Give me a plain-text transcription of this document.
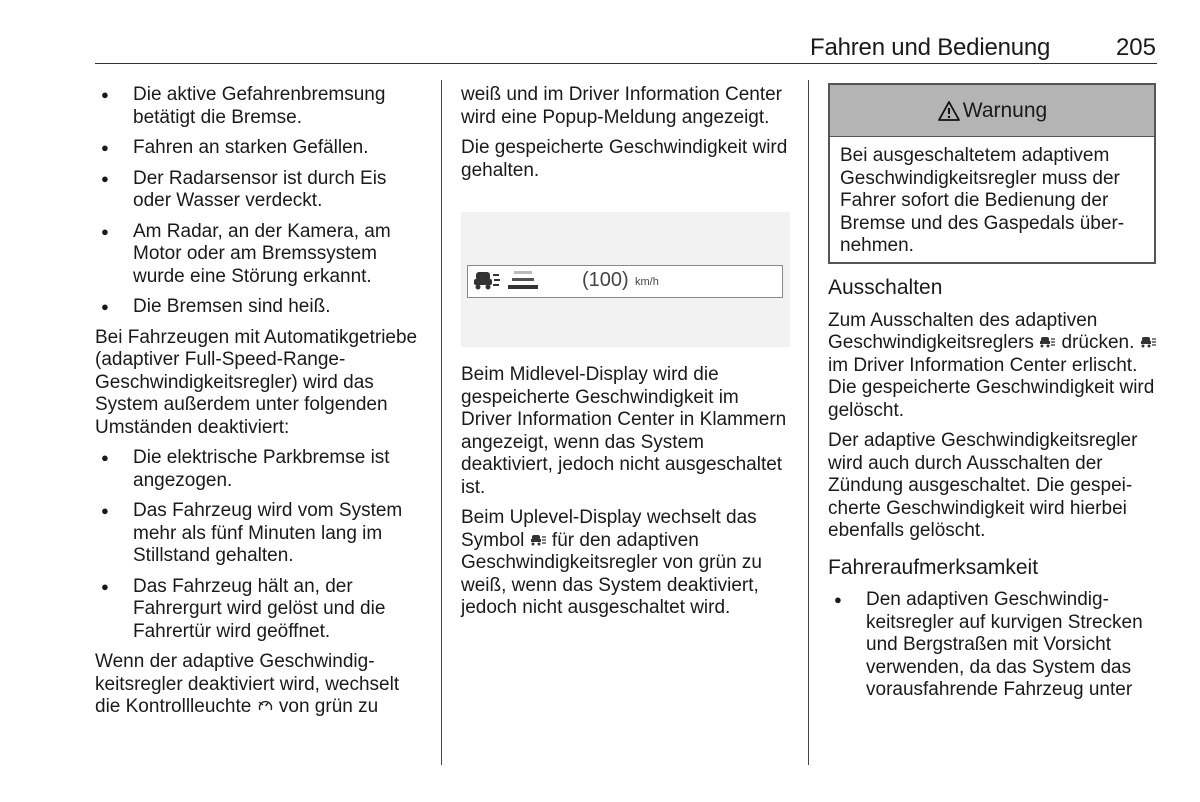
Fahren und Bedienung	205
● Die aktive Gefahrenbremsung betätigt die Bremse.
● Fahren an starken Gefällen.
● Der Radarsensor ist durch Eis oder Wasser verdeckt.
● Am Radar, an der Kamera, am Motor oder am Bremssystem wurde eine Störung erkannt.
● Die Bremsen sind heiß.

Bei Fahrzeugen mit Automatikgetriebe (adaptiver Full-Speed-Range-Geschwindigkeitsregler) wird das System außerdem unter folgenden Umständen deaktiviert:

● Die elektrische Parkbremse ist angezogen.
● Das Fahrzeug wird vom System mehr als fünf Minuten lang im Stillstand gehalten.
● Das Fahrzeug hält an, der Fahrergurt wird gelöst und die Fahrertür wird geöffnet.

Wenn der adaptive Geschwindigkeitsregler deaktiviert wird, wechselt die Kontrollleuchte von grün zu

weiß und im Driver Information Center wird eine Popup-Meldung angezeigt.

Die gespeicherte Geschwindigkeit wird gehalten.

(100) km/h

Beim Midlevel-Display wird die gespeicherte Geschwindigkeit im Driver Information Center in Klammern angezeigt, wenn das System deaktiviert, jedoch nicht ausgeschaltet ist.

Beim Uplevel-Display wechselt das Symbol für den adaptiven Geschwindigkeitsregler von grün zu weiß, wenn das System deaktiviert, jedoch nicht ausgeschaltet wird.

Warnung
Bei ausgeschaltetem adaptivem Geschwindigkeitsregler muss der Fahrer sofort die Bedienung der Bremse und des Gaspedals übernehmen.
Ausschalten

Zum Ausschalten des adaptiven Geschwindigkeitsreglers drücken.  im Driver Information Center erlischt. Die gespeicherte Geschwindigkeit wird gelöscht.

Der adaptive Geschwindigkeitsregler wird auch durch Ausschalten der Zündung ausgeschaltet. Die gespeicherte Geschwindigkeit wird hierbei ebenfalls gelöscht.

Fahreraufmerksamkeit
● Den adaptiven Geschwindigkeitsregler auf kurvigen Strecken und Bergstraßen mit Vorsicht verwenden, da das System das vorausfahrende Fahrzeug unter
